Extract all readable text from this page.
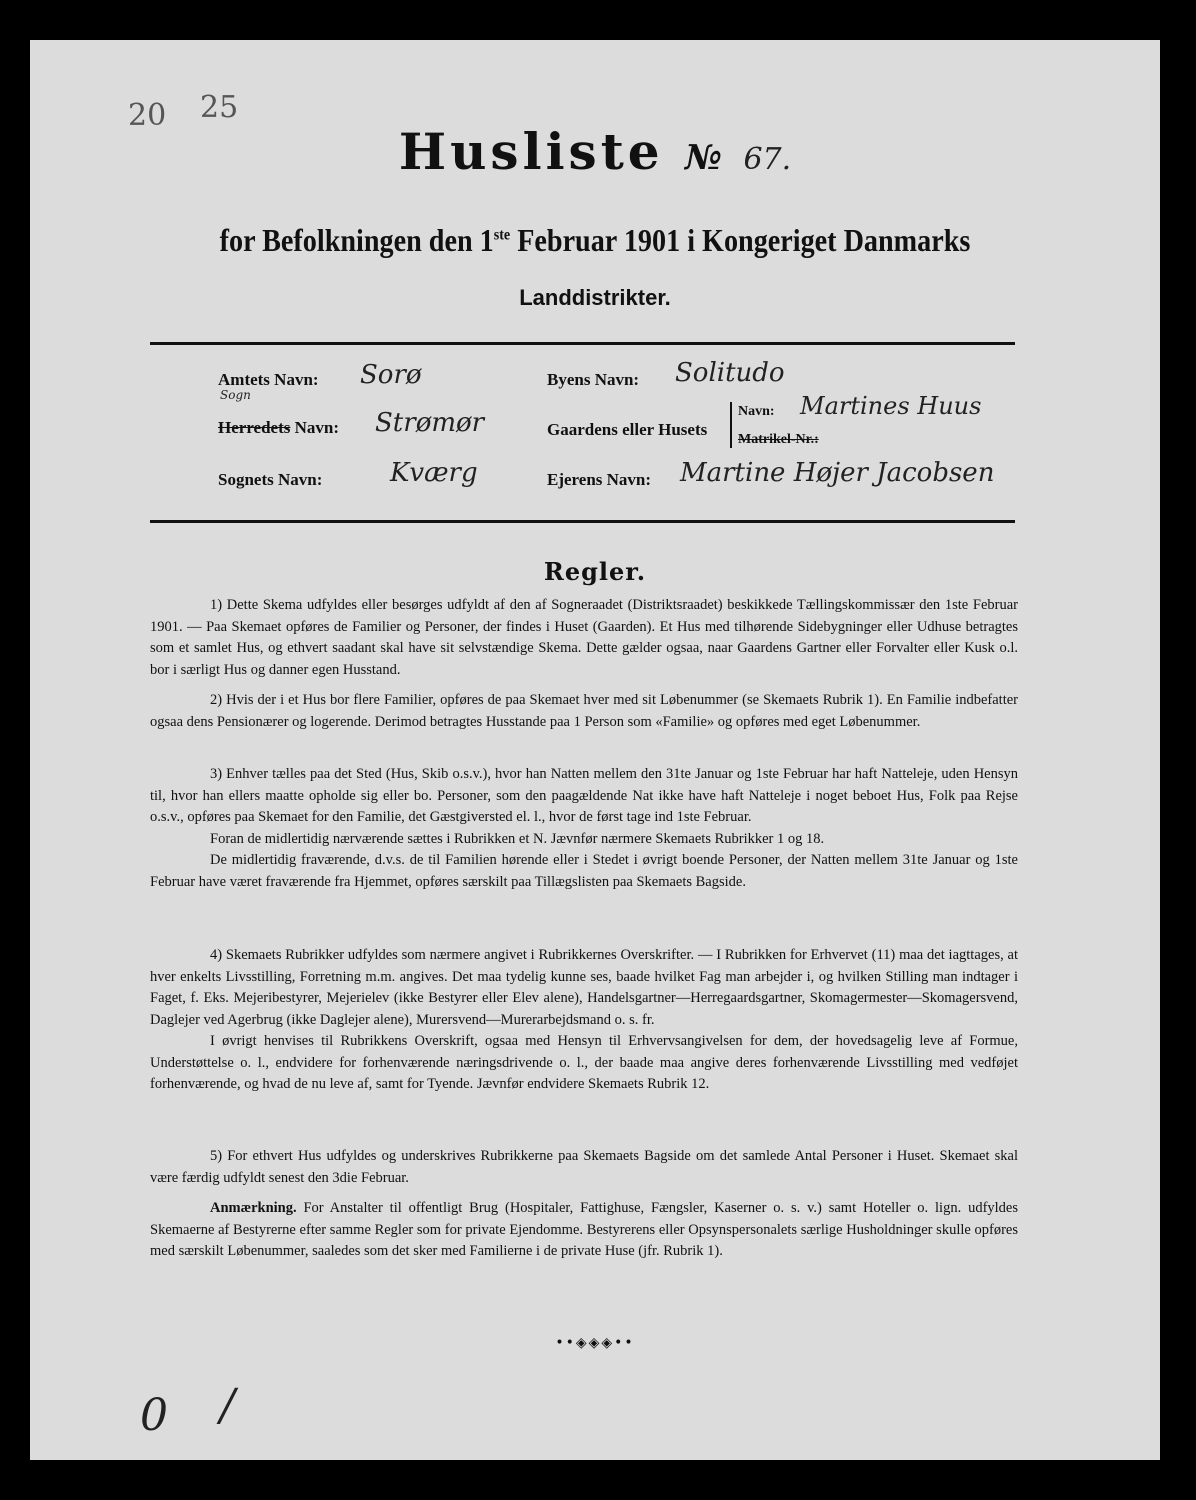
20 25
Husliste № 67.
for Befolkningen den 1ste Februar 1901 i Kongeriget Danmarks
Landdistrikter.
Amtets Navn: Sorø
Sogn
Herredets Navn: Strømør
Sognets Navn:	Kværg
Byens Navn: Solitudo
Gaardens eller Husets
Navn: Martines Huus
Matrikel-Nr.:
Ejerens Navn: Martine Højer Jacobsen
Regler.

1) Dette Skema udfyldes eller besørges udfyldt af den af Sogneraadet (Distriktsraadet) beskikkede Tællingskommissær den 1ste Februar 1901. — Paa Skemaet opføres de Familier og Personer, der findes i Huset (Gaarden). Et Hus med tilhørende Sidebygninger eller Udhuse betragtes som et samlet Hus, og ethvert saadant skal have sit selvstændige Skema. Dette gælder ogsaa, naar Gaardens Gartner eller Forvalter eller Kusk o.l. bor i særligt Hus og danner egen Husstand.

2) Hvis der i et Hus bor flere Familier, opføres de paa Skemaet hver med sit Løbenummer (se Skemaets Rubrik 1). En Familie indbefatter ogsaa dens Pensionærer og logerende. Derimod betragtes Husstande paa 1 Person som «Familie» og opføres med eget Løbenummer.

3) Enhver tælles paa det Sted (Hus, Skib o.s.v.), hvor han Natten mellem den 31te Januar og 1ste Februar har haft Natteleje, uden Hensyn til, hvor han ellers maatte opholde sig eller bo. Personer, som den paagældende Nat ikke have haft Natteleje i noget beboet Hus, Folk paa Rejse o.s.v., opføres paa Skemaet for den Familie, det Gæstgiversted el. l., hvor de først tage ind 1ste Februar.

Foran de midlertidig nærværende sættes i Rubrikken et N. Jævnfør nærmere Skemaets Rubrikker 1 og 18.

De midlertidig fraværende, d.v.s. de til Familien hørende eller i Stedet i øvrigt boende Personer, der Natten mellem 31te Januar og 1ste Februar have været fraværende fra Hjemmet, opføres særskilt paa Tillægslisten paa Skemaets Bagside.

4) Skemaets Rubrikker udfyldes som nærmere angivet i Rubrikkernes Overskrifter. — I Rubrikken for Erhvervet (11) maa det iagttages, at hver enkelts Livsstilling, Forretning m.m. angives. Det maa tydelig kunne ses, baade hvilket Fag man arbejder i, og hvilken Stilling man indtager i Faget, f. Eks. Mejeribestyrer, Mejerielev (ikke Bestyrer eller Elev alene), Handelsgartner—Herregaardsgartner, Skomagermester—Skomagersvend, Daglejer ved Agerbrug (ikke Daglejer alene), Murersvend—Murerarbejdsmand o. s. fr.

I øvrigt henvises til Rubrikkens Overskrift, ogsaa med Hensyn til Erhvervsangivelsen for dem, der hovedsagelig leve af Formue, Understøttelse o. l., endvidere for forhenværende næringsdrivende o. l., der baade maa angive deres forhenværende Livsstilling med vedføjet forhenværende, og hvad de nu leve af, samt for Tyende. Jævnfør endvidere Skemaets Rubrik 12.

5) For ethvert Hus udfyldes og underskrives Rubrikkerne paa Skemaets Bagside om det samlede Antal Personer i Huset. Skemaet skal være færdig udfyldt senest den 3die Februar.

Anmærkning. For Anstalter til offentligt Brug (Hospitaler, Fattighuse, Fængsler, Kaserner o. s. v.) samt Hoteller o. lign. udfyldes Skemaerne af Bestyrerne efter samme Regler som for private Ejendomme. Bestyrerens eller Opsynspersonalets særlige Husholdninger skulle opføres med særskilt Løbenummer, saaledes som det sker med Familierne i de private Huse (jfr. Rubrik 1).

••◈◈◈••
0 /
